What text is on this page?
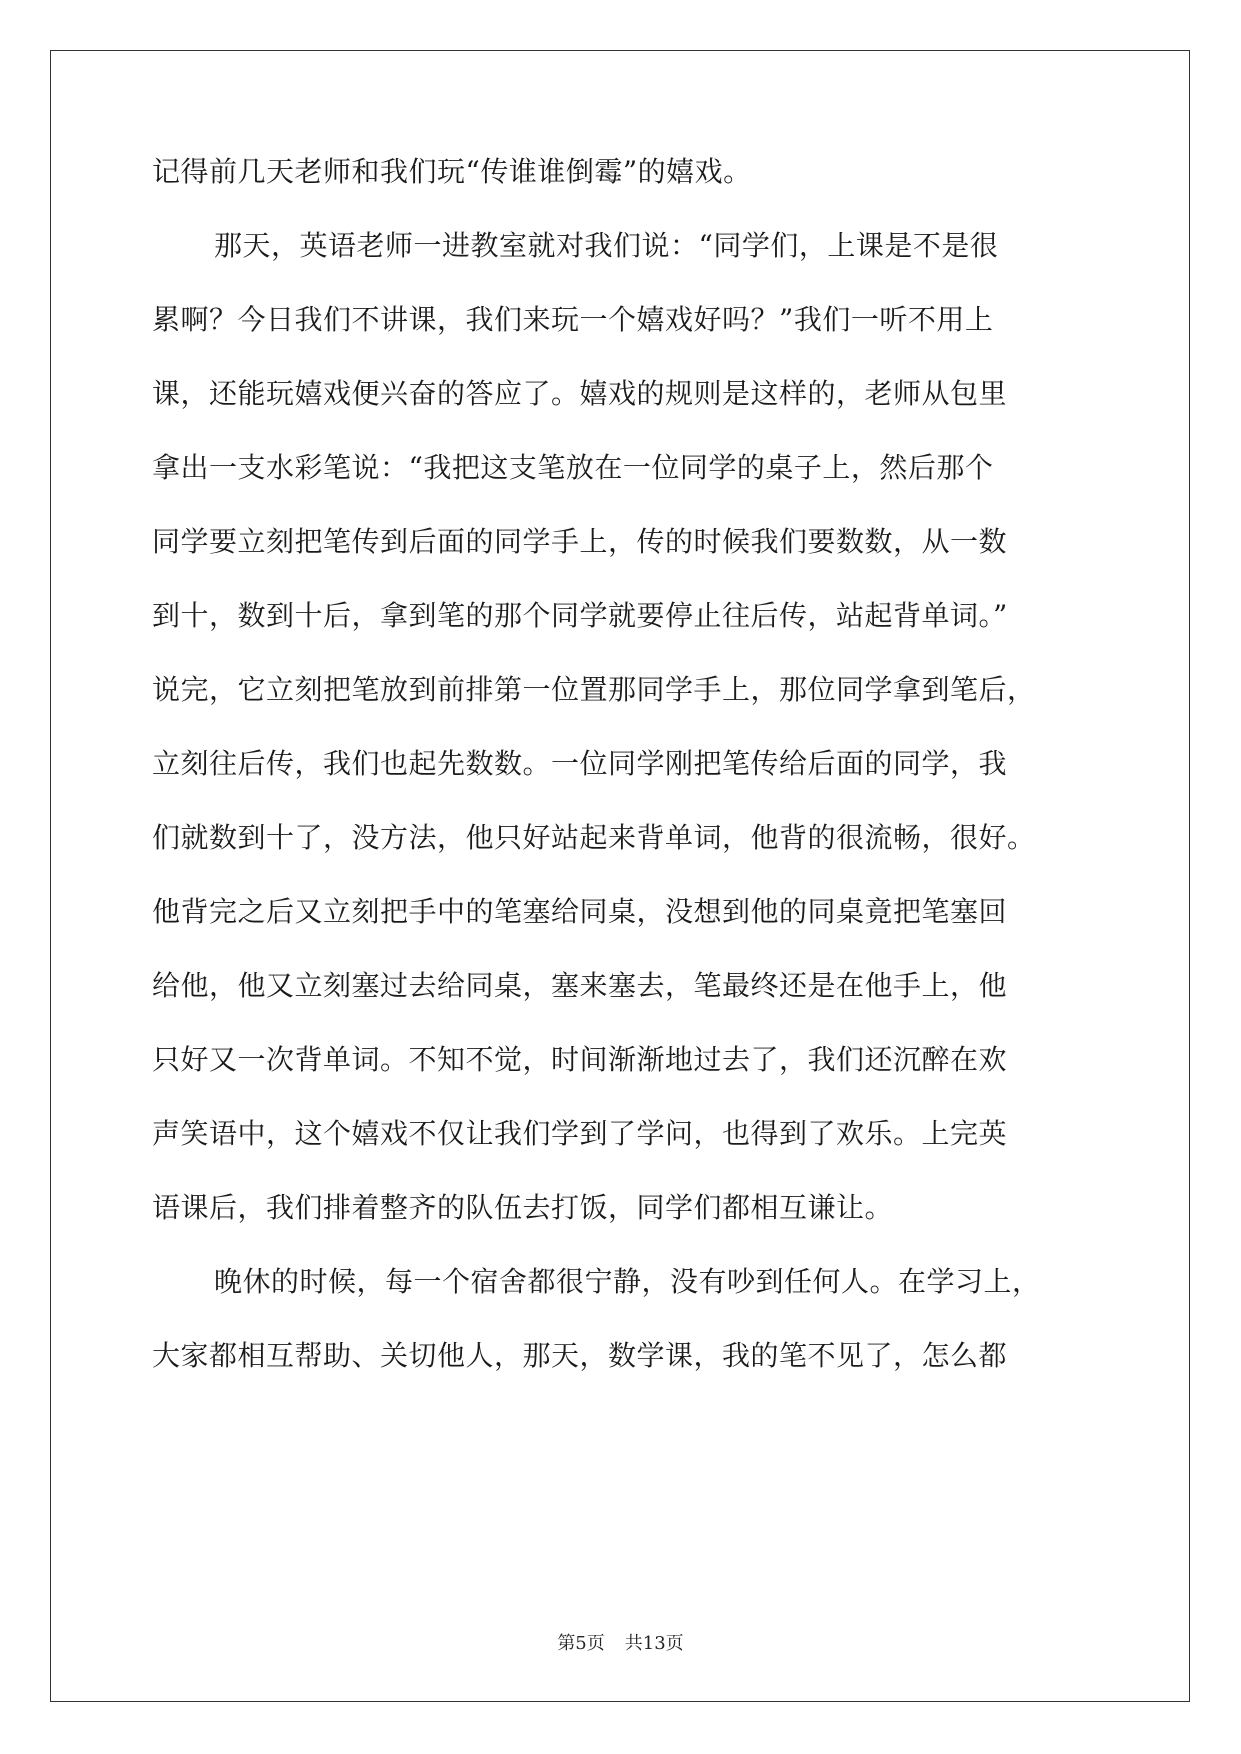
记得前几天老师和我们玩“传谁谁倒霉”的嬉戏。
那天，英语老师一进教室就对我们说：“同学们，上课是不是很
累啊？今日我们不讲课，我们来玩一个嬉戏好吗？”我们一听不用上
课，还能玩嬉戏便兴奋的答应了。嬉戏的规则是这样的，老师从包里
拿出一支水彩笔说：“我把这支笔放在一位同学的桌子上，然后那个
同学要立刻把笔传到后面的同学手上，传的时候我们要数数，从一数
到十，数到十后，拿到笔的那个同学就要停止往后传，站起背单词。”
说完，它立刻把笔放到前排第一位置那同学手上，那位同学拿到笔后，
立刻往后传，我们也起先数数。一位同学刚把笔传给后面的同学，我
们就数到十了，没方法，他只好站起来背单词，他背的很流畅，很好。
他背完之后又立刻把手中的笔塞给同桌，没想到他的同桌竟把笔塞回
给他，他又立刻塞过去给同桌，塞来塞去，笔最终还是在他手上，他
只好又一次背单词。不知不觉，时间渐渐地过去了，我们还沉醉在欢
声笑语中，这个嬉戏不仅让我们学到了学问，也得到了欢乐。上完英
语课后，我们排着整齐的队伍去打饭，同学们都相互谦让。
晚休的时候，每一个宿舍都很宁静，没有吵到任何人。在学习上，
大家都相互帮助、关切他人，那天，数学课，我的笔不见了，怎么都
第5页 共13页
